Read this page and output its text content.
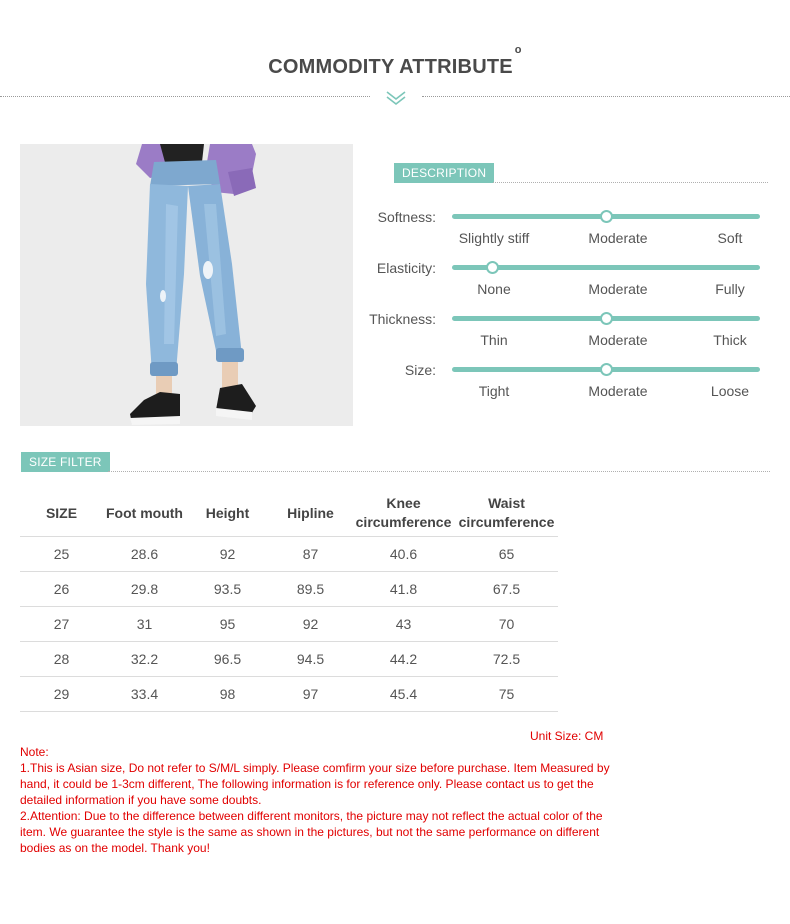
COMMODITY ATTRIBUTE$^o$
DESCRIPTION
Softness:
Slightly stiff	Moderate	Soft
Elasticity:
None	Moderate	Fully
Thickness:
Thin	Moderate	Thick
Size:
Tight	Moderate	Loose
SIZE FILTER
SIZE	Foot mouth	Height	Hipline	Knee circumference	Waist circumference
25	28.6	92	87	40.6	65
26	29.8	93.5	89.5	41.8	67.5
27	31	95	92	43	70
28	32.2	96.5	94.5	44.2	72.5
29	33.4	98	97	45.4	75
Unit Size: CM

Note:

1.This is Asian size, Do not refer to S/M/L simply. Please comfirm your size before purchase. Item Measured by hand, it could be 1-3cm different, The following information is for reference only. Please contact us to get the detailed information if you have some doubts.

2.Attention: Due to the difference between different monitors, the picture may not reflect the actual color of the item. We guarantee the style is the same as shown in the pictures, but not the same performance on different bodies as on the model. Thank you!
